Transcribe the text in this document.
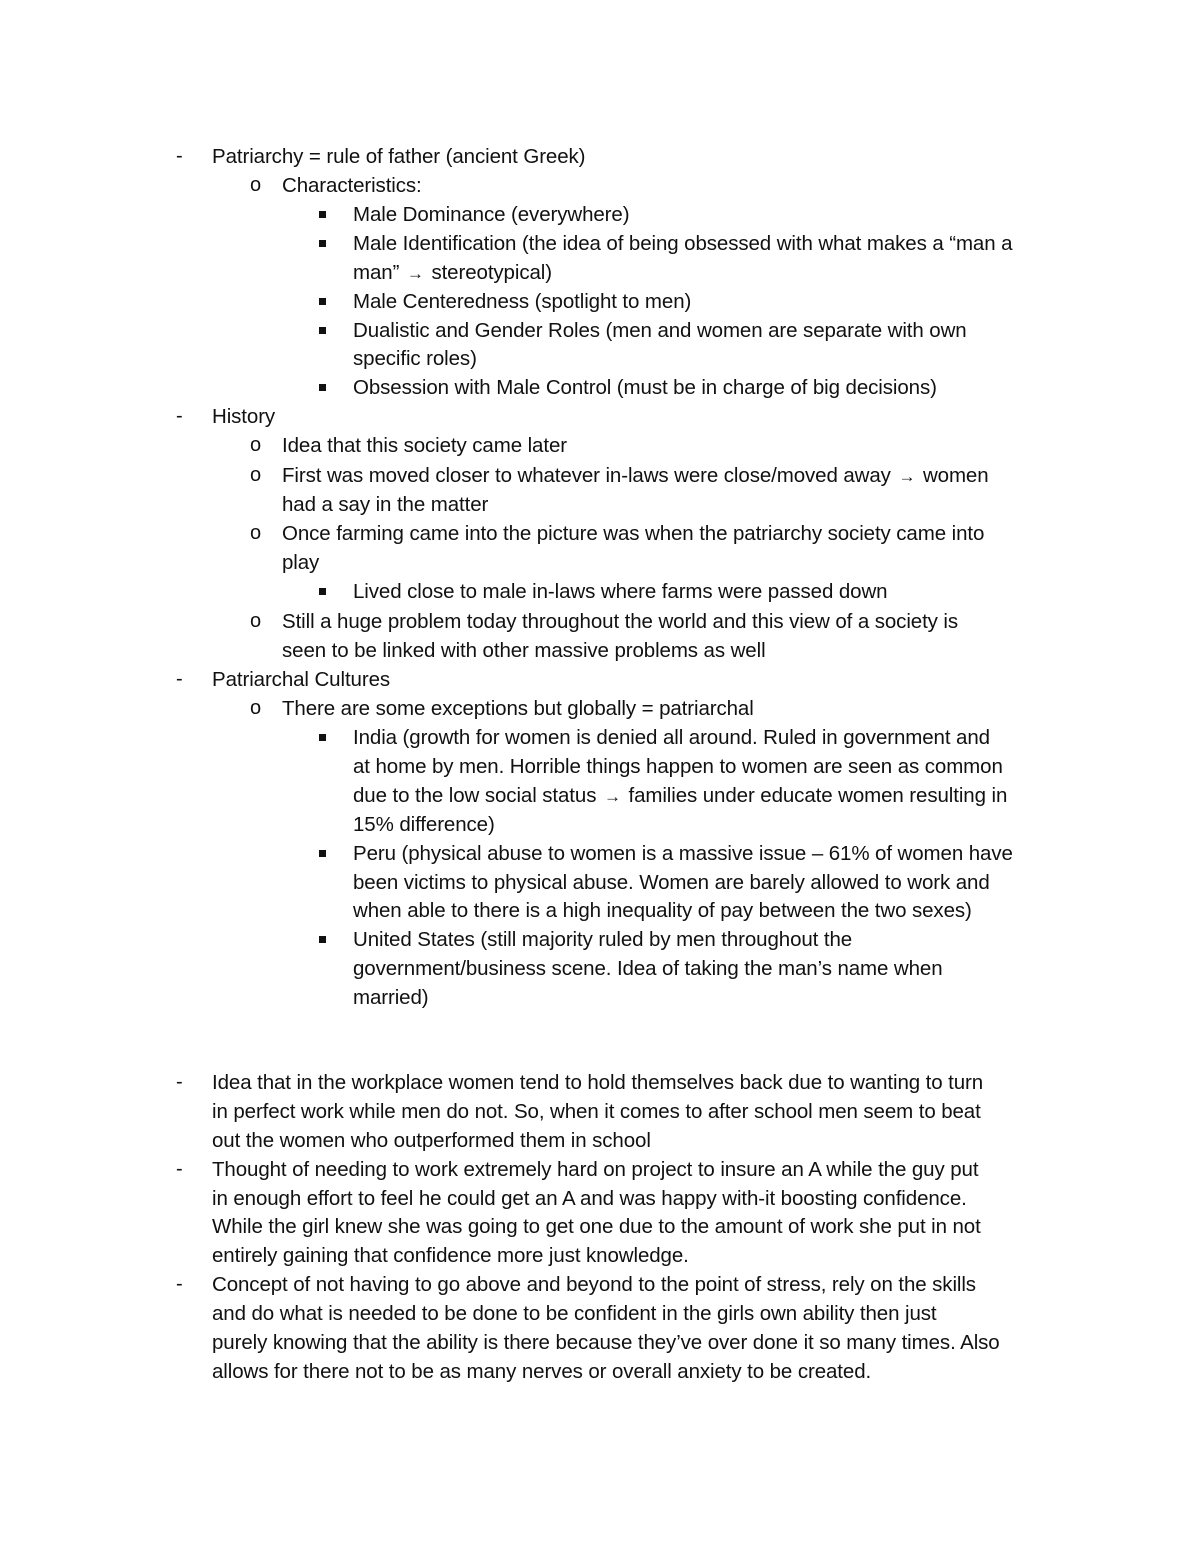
- Patriarchy = rule of father (ancient Greek)
o Characteristics:
Male Dominance (everywhere)
Male Identification (the idea of being obsessed with what makes a “man a
man” → stereotypical)
Male Centeredness (spotlight to men)
Dualistic and Gender Roles (men and women are separate with own
specific roles)
Obsession with Male Control (must be in charge of big decisions)
- History
o Idea that this society came later
o First was moved closer to whatever in-laws were close/moved away → women
had a say in the matter
o Once farming came into the picture was when the patriarchy society came into
play
Lived close to male in-laws where farms were passed down
o Still a huge problem today throughout the world and this view of a society is
seen to be linked with other massive problems as well
- Patriarchal Cultures
o There are some exceptions but globally = patriarchal
India (growth for women is denied all around. Ruled in government and
at home by men. Horrible things happen to women are seen as common
due to the low social status → families under educate women resulting in
15% difference)
Peru (physical abuse to women is a massive issue – 61% of women have
been victims to physical abuse. Women are barely allowed to work and
when able to there is a high inequality of pay between the two sexes)
United States (still majority ruled by men throughout the
government/business scene. Idea of taking the man’s name when
married)
- Idea that in the workplace women tend to hold themselves back due to wanting to turn
in perfect work while men do not. So, when it comes to after school men seem to beat
out the women who outperformed them in school
- Thought of needing to work extremely hard on project to insure an A while the guy put
in enough effort to feel he could get an A and was happy with-it boosting confidence.
While the girl knew she was going to get one due to the amount of work she put in not
entirely gaining that confidence more just knowledge.
- Concept of not having to go above and beyond to the point of stress, rely on the skills
and do what is needed to be done to be confident in the girls own ability then just
purely knowing that the ability is there because they’ve over done it so many times. Also
allows for there not to be as many nerves or overall anxiety to be created.
